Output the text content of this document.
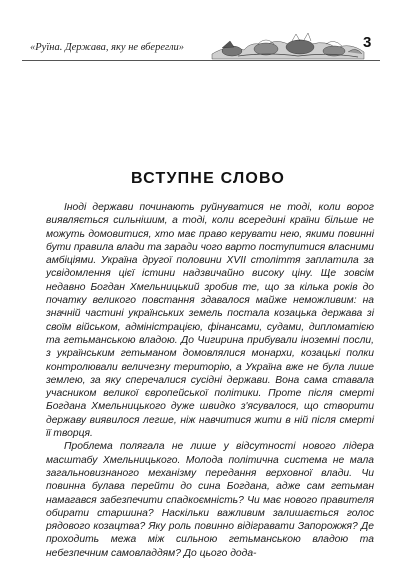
«Руїна. Держава, яку не вберегли»	3
ВСТУПНЕ СЛОВО

Іноді держави починають руйнуватися не тоді, коли ворог виявляється сильнішим, а тоді, коли всередині країни більше не можуть домовитися, хто має право керувати нею, якими повинні бути правила влади та заради чого варто поступитися власними амбіціями. Україна другої половини XVII століття заплатила за усвідомлення цієї істини надзвичайно високу ціну. Ще зовсім недавно Богдан Хмельницький зробив те, що за кілька років до початку великого повстання здавалося майже неможливим: на значній частині українських земель постала козацька держава зі своїм військом, адміністрацією, фінансами, судами, дипломатією та гетьманською владою. До Чигирина прибували іноземні посли, з українським гетьманом домовлялися монархи, козацькі полки контролювали величезну територію, а Україна вже не була лише землею, за яку сперечалися сусідні держави. Вона сама ставала учасником великої європейської політики. Проте після смерті Богдана Хмельницького дуже швидко з'ясувалося, що створити державу виявилося легше, ніж навчитися жити в ній після смерті її творця.

Проблема полягала не лише у відсутності нового лідера масштабу Хмельницького. Молода політична система не мала загальновизнаного механізму передання верховної влади. Чи повинна булава перейти до сина Богдана, адже сам гетьман намагався забезпечити спадкоємність? Чи має нового правителя обирати старшина? Наскільки важливим залишається голос рядового козацтва? Яку роль повинно відігравати Запорожжя? Де проходить межа між сильною гетьманською владою та небезпечним самовладдям? До цього дода-
